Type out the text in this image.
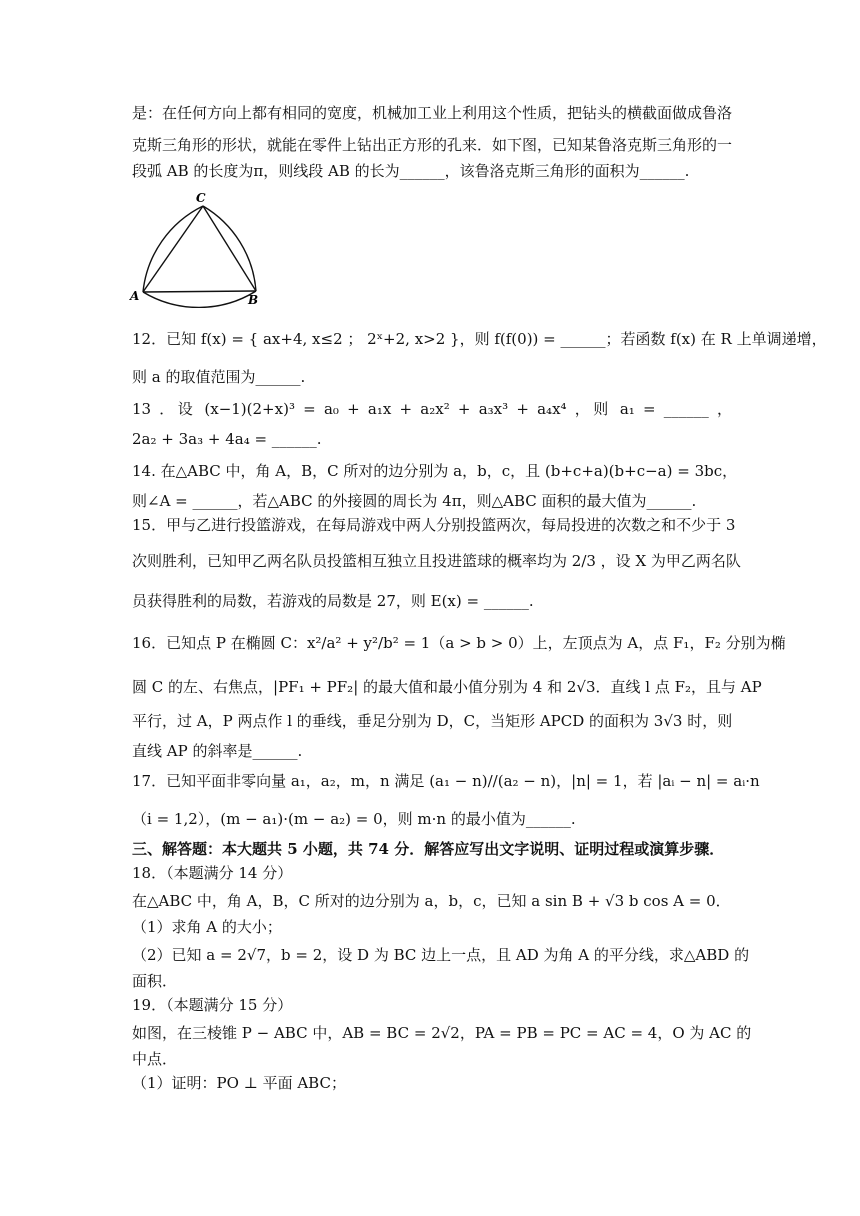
是：在任何方向上都有相同的宽度，机械加工业上利用这个性质，把钻头的横截面做成鲁洛
克斯三角形的形状，就能在零件上钻出正方形的孔来．如下图，已知某鲁洛克斯三角形的一
段弧 AB 的长度为π，则线段 AB 的长为______，该鲁洛克斯三角形的面积为______.
A	B
C
12．已知 f(x) = { ax+4, x≤2 ； 2ˣ+2, x>2 }，则 f(f(0)) = ______；若函数 f(x) 在 R 上单调递增，
则 a 的取值范围为______.
13 ．设 (x−1)(2+x)³ = a₀ + a₁x + a₂x² + a₃x³ + a₄x⁴ ，则 a₁ = ______ ，
2a₂ + 3a₃ + 4a₄ = ______.
14. 在△ABC 中，角 A，B，C 所对的边分别为 a，b，c，且 (b+c+a)(b+c−a) = 3bc，
则∠A = ______，若△ABC 的外接圆的周长为 4π，则△ABC 面积的最大值为______.
15．甲与乙进行投篮游戏，在每局游戏中两人分别投篮两次，每局投进的次数之和不少于 3
次则胜利，已知甲乙两名队员投篮相互独立且投进篮球的概率均为 2/3 ，设 X 为甲乙两名队
员获得胜利的局数，若游戏的局数是 27，则 E(x) = ______.
16．已知点 P 在椭圆 C：x²/a² + y²/b² = 1（a > b > 0）上，左顶点为 A，点 F₁，F₂ 分别为椭
圆 C 的左、右焦点，|PF₁ + PF₂| 的最大值和最小值分别为 4 和 2√3．直线 l 点 F₂，且与 AP
平行，过 A，P 两点作 l 的垂线，垂足分别为 D，C，当矩形 APCD 的面积为 3√3 时，则
直线 AP 的斜率是______.
17．已知平面非零向量 a₁，a₂，m，n 满足 (a₁ − n)//(a₂ − n)，|n| = 1，若 |aᵢ − n| = aᵢ·n
（i = 1,2），(m − a₁)·(m − a₂) = 0，则 m·n 的最小值为______.
三、解答题：本大题共 5 小题，共 74 分．解答应写出文字说明、证明过程或演算步骤．
18．（本题满分 14 分）
在△ABC 中，角 A，B，C 所对的边分别为 a，b，c，已知 a sin B + √3 b cos A = 0．
（1）求角 A 的大小；
（2）已知 a = 2√7，b = 2，设 D 为 BC 边上一点，且 AD 为角 A 的平分线，求△ABD 的
面积．
19．（本题满分 15 分）
如图，在三棱锥 P − ABC 中，AB = BC = 2√2，PA = PB = PC = AC = 4，O 为 AC 的
中点．
（1）证明：PO ⊥ 平面 ABC；
